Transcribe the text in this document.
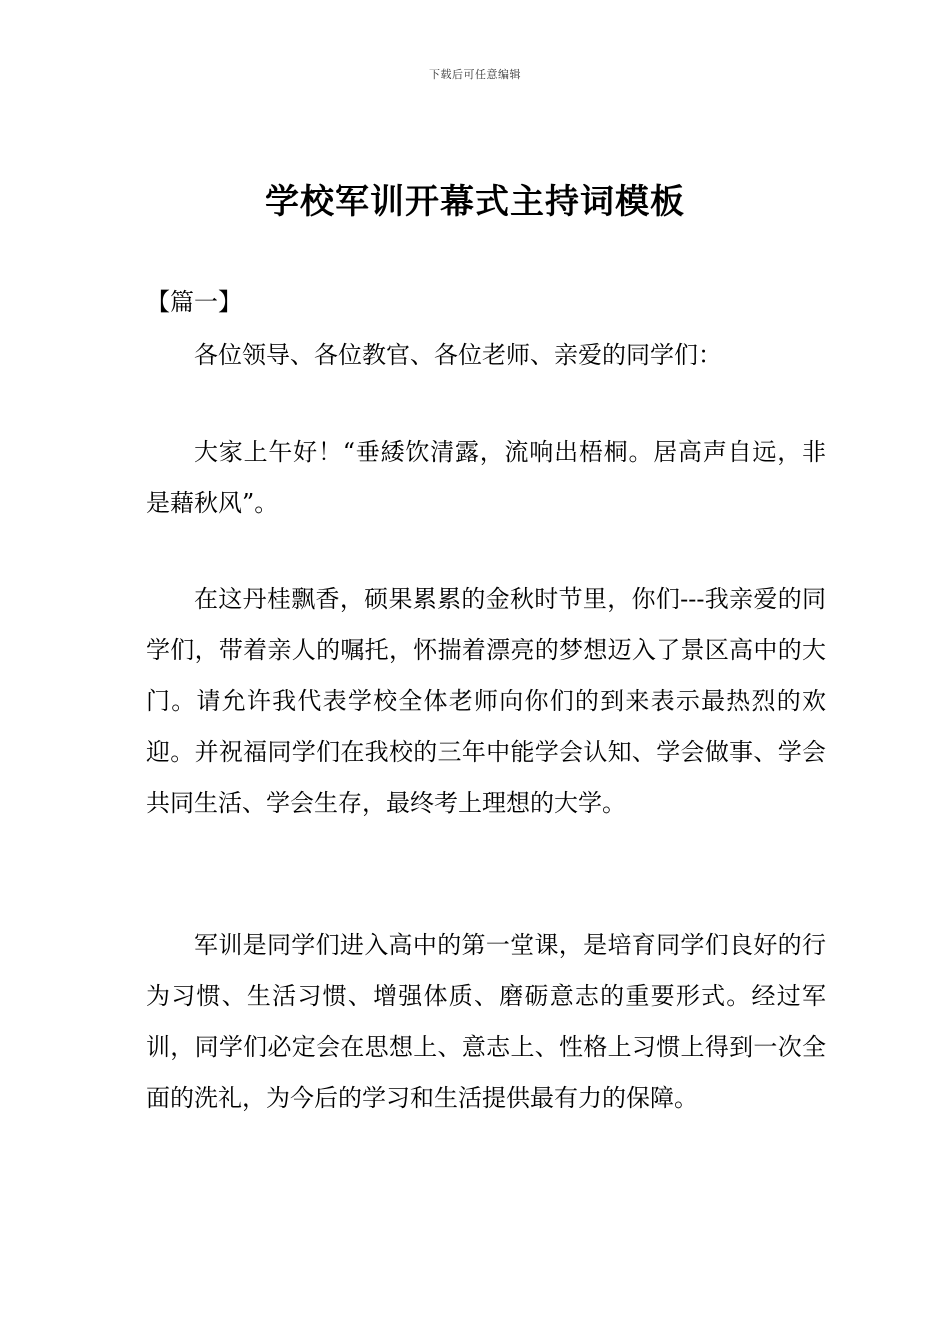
下载后可任意编辑
学校军训开幕式主持词模板
【篇一】

各位领导、各位教官、各位老师、亲爱的同学们：

大家上午好！“垂緌饮清露，流响出梧桐。居高声自远，非是藉秋风”。

在这丹桂飘香，硕果累累的金秋时节里，你们---我亲爱的同学们，带着亲人的嘱托，怀揣着漂亮的梦想迈入了景区高中的大门。请允许我代表学校全体老师向你们的到来表示最热烈的欢迎。并祝福同学们在我校的三年中能学会认知、学会做事、学会共同生活、学会生存，最终考上理想的大学。

军训是同学们进入高中的第一堂课，是培育同学们良好的行为习惯、生活习惯、增强体质、磨砺意志的重要形式。经过军训，同学们必定会在思想上、意志上、性格上习惯上得到一次全面的洗礼，为今后的学习和生活提供最有力的保障。
